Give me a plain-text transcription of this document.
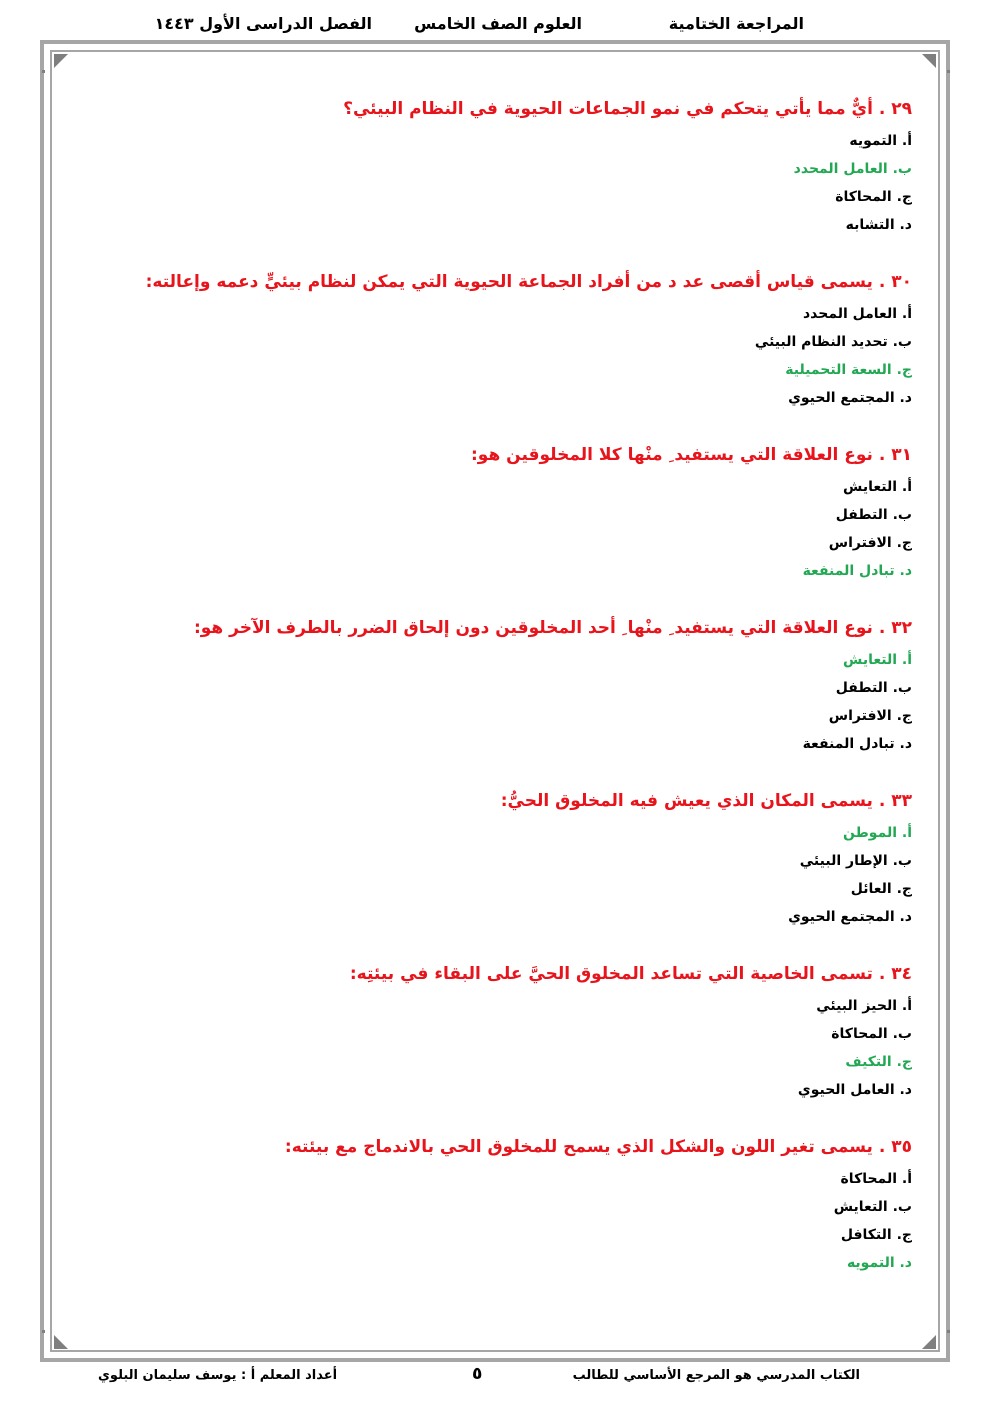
المراجعة الختامية
العلوم الصف الخامس
الفصل الدراسى الأول ١٤٤٣
٢٩ . أيٌّ مما يأتي يتحكم في نمو الجماعات الحيوية في النظام البيئي؟
أ. التمويه
ب. العامل المحدد
ج. المحاكاة
د. التشابه
٣٠ . يسمى قياس أقصى عد د من أفراد الجماعة الحيوية التي يمكن لنظام بيئيٍّ دعمه وإعالته:
أ. العامل المحدد
ب. تحديد النظام البيئي
ج. السعة التحميلية
د. المجتمع الحيوي
٣١ . نوع العلاقة التي يستفيد ِ منْها كلا المخلوقين هو:
أ. التعايش
ب. التطفل
ج. الافتراس
د. تبادل المنفعة
٣٢ . نوع العلاقة التي يستفيد ِ منْها ِ أحد المخلوقين دون إلحاق الضرر بالطرف الآخر هو:
أ. التعايش
ب. التطفل
ج. الافتراس
د. تبادل المنفعة
٣٣ . يسمى المكان الذي يعيش فيه المخلوق الحيُّ:
أ. الموطن
ب. الإطار البيئي
ج. العائل
د. المجتمع الحيوي
٣٤ . تسمى الخاصية التي تساعد المخلوق الحيَّ على البقاء في بيئتِه:
أ. الحيز البيئي
ب. المحاكاة
ج. التكيف
د. العامل الحيوي
٣٥ . يسمى تغير اللون والشكل الذي يسمح للمخلوق الحي بالاندماج مع بيئته:
أ. المحاكاة
ب. التعايش
ج. التكافل
د. التمويه
الكتاب المدرسي هو المرجع الأساسي للطالب
٥
أعداد المعلم أ : يوسف سليمان البلوي
